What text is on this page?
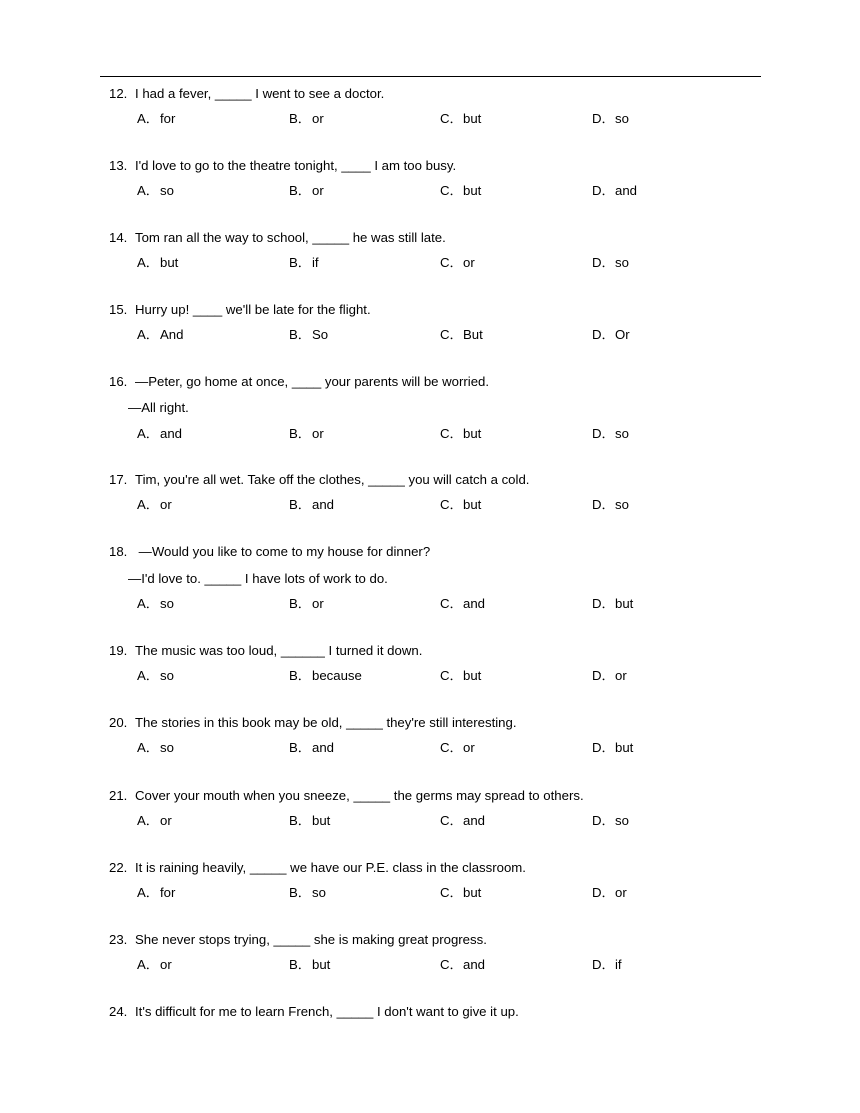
12. I had a fever, _____ I went to see a doctor.
A．for	B．or	C．but	D．so
13. I'd love to go to the theatre tonight, ____ I am too busy.
A．so	B．or	C．but	D．and
14. Tom ran all the way to school, _____ he was still late.
A．but	B．if	C．or	D．so
15. Hurry up! ____ we'll be late for the flight.
A．And	B．So	C．But	D．Or
16. —Peter, go home at once, ____ your parents will be worried.
—All right.
A．and	B．or	C．but	D．so
17. Tim, you're all wet. Take off the clothes, _____ you will catch a cold.
A．or	B．and	C．but	D．so
18. —Would you like to come to my house for dinner?
—I'd love to. _____ I have lots of work to do.
A．so	B．or	C．and	D．but
19. The music was too loud, ______ I turned it down.
A．so	B．because	C．but	D．or
20. The stories in this book may be old, _____ they're still interesting.
A．so	B．and	C．or	D．but
21. Cover your mouth when you sneeze, _____ the germs may spread to others.
A．or	B．but	C．and	D．so
22. It is raining heavily, _____ we have our P.E. class in the classroom.
A．for	B．so	C．but	D．or
23. She never stops trying, _____ she is making great progress.
A．or	B．but	C．and	D．if
24. It's difficult for me to learn French, _____ I don't want to give it up.
